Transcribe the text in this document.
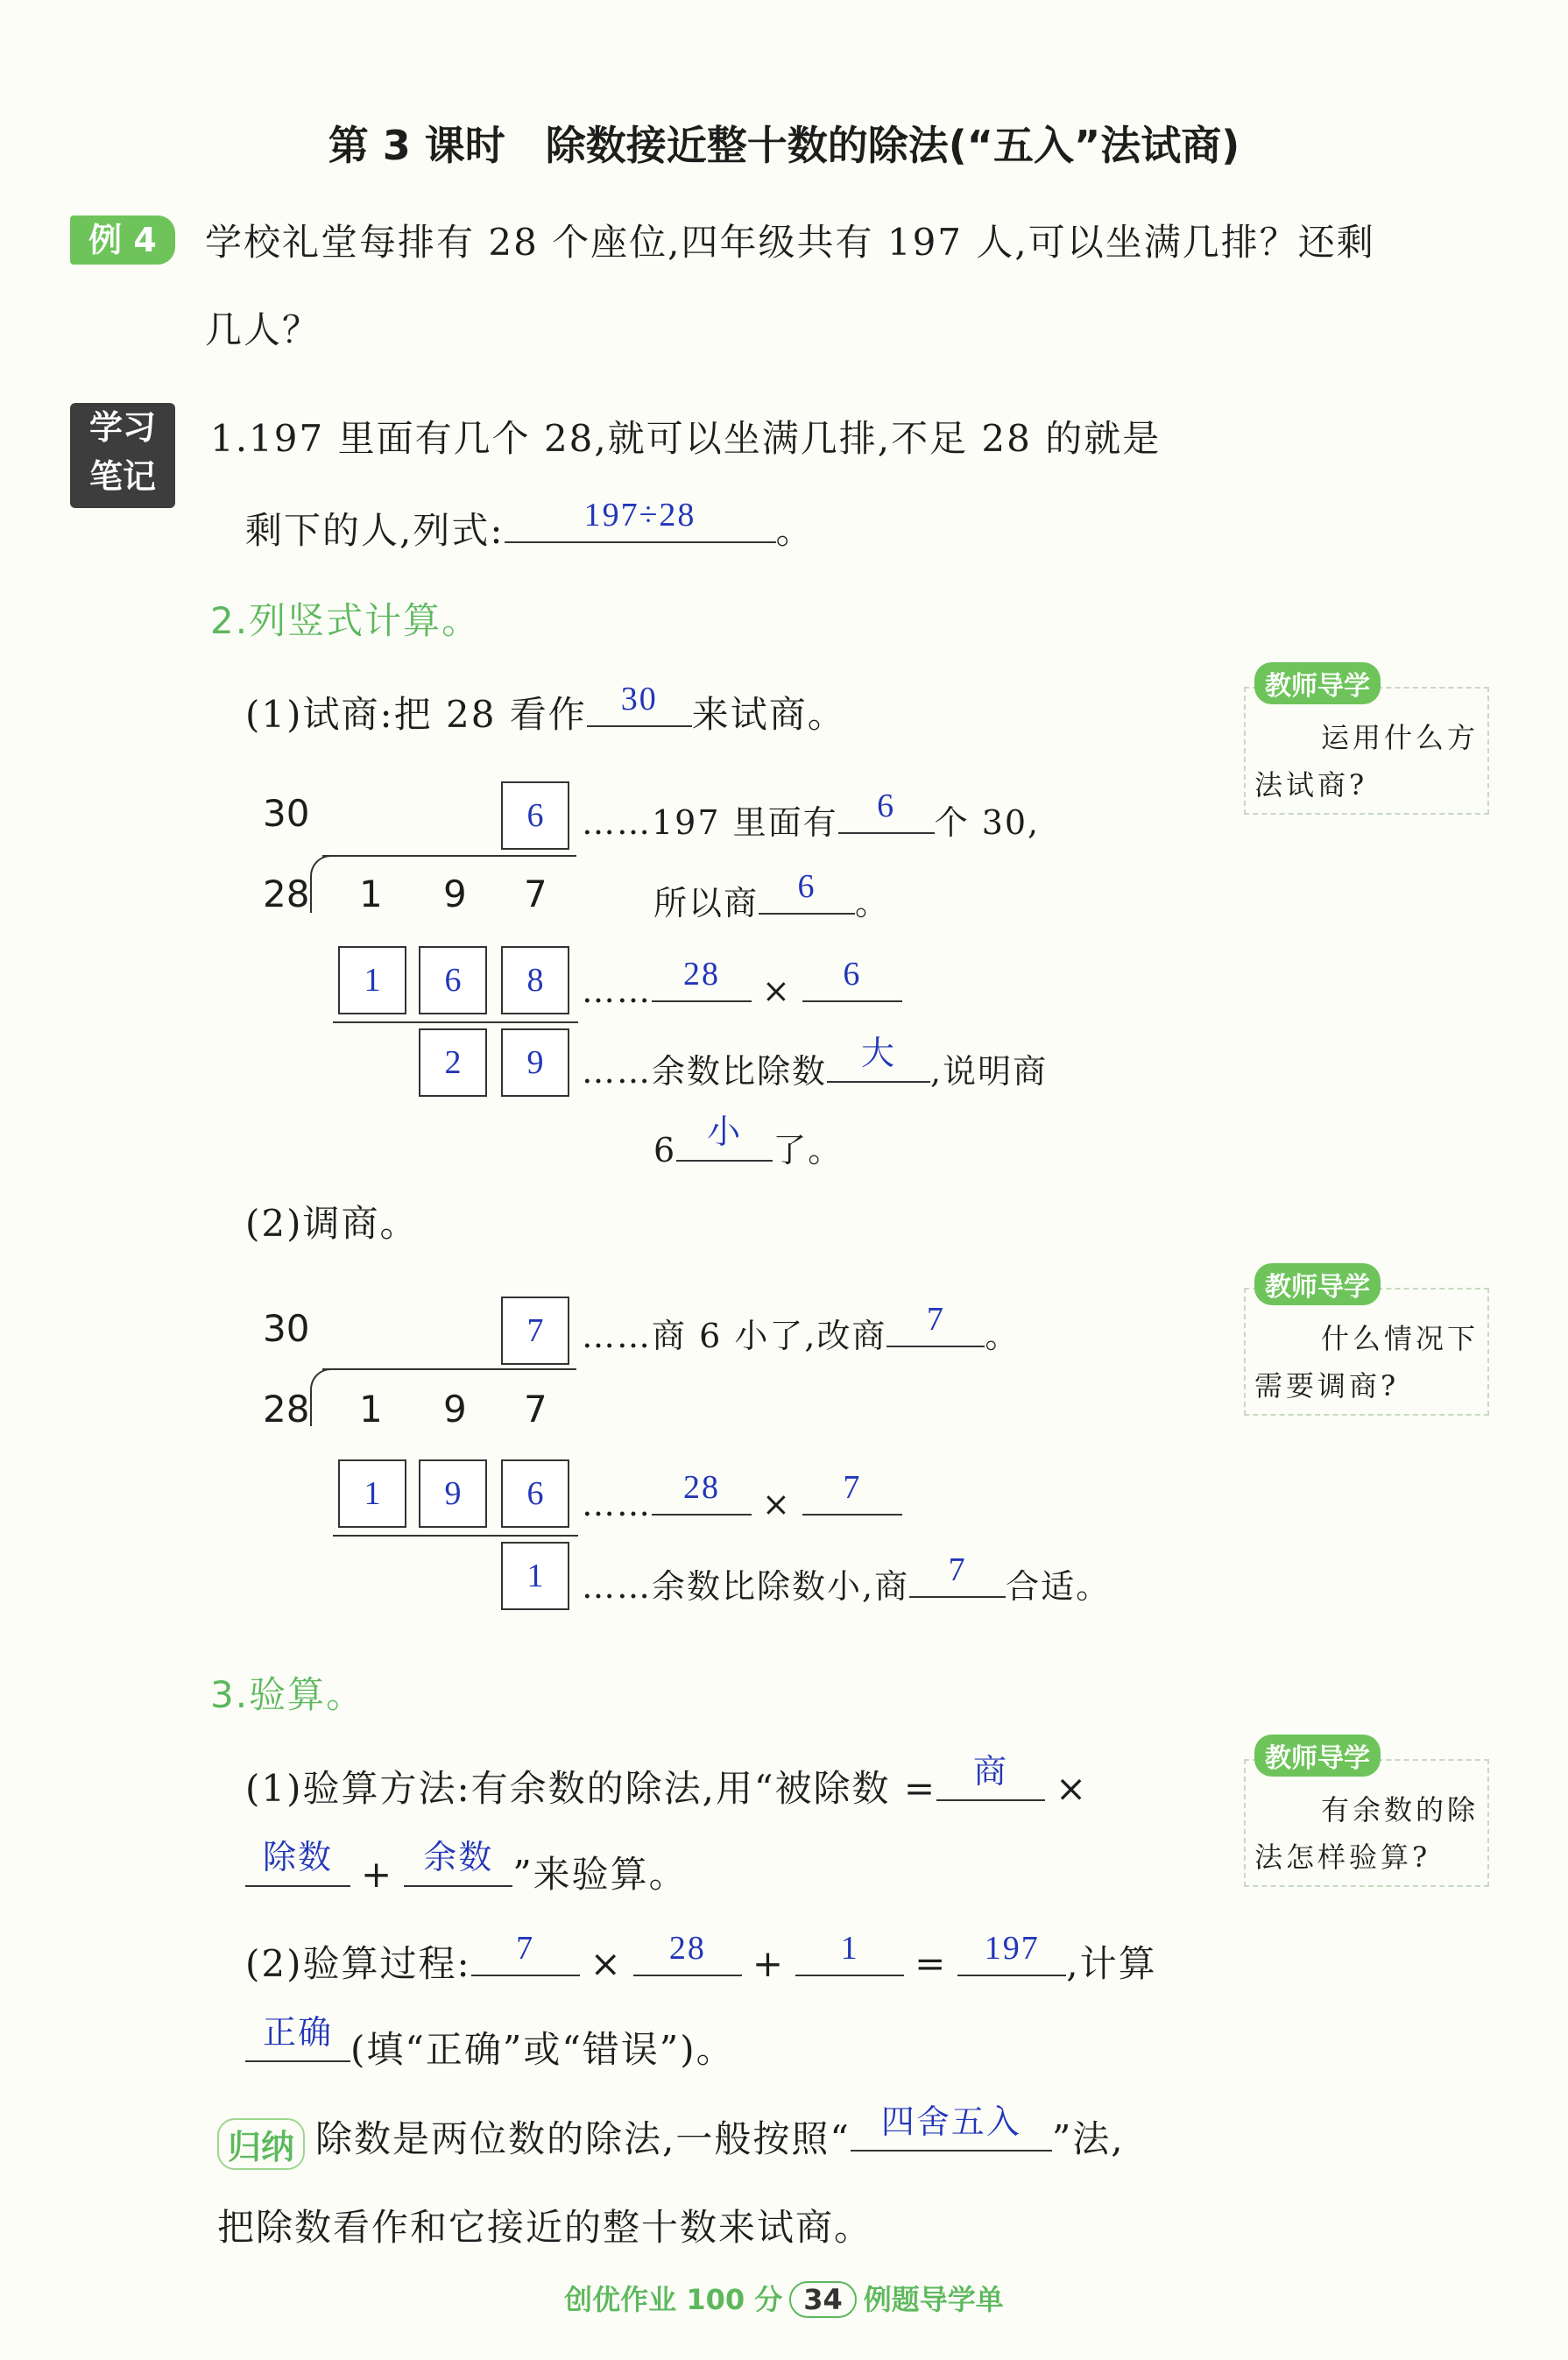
第 3 课时　除数接近整十数的除法(“五入”法试商)
例 4	学校礼堂每排有 28 个座位,四年级共有 197 人,可以坐满几排？还剩
几人？
学习
笔记
1.197 里面有几个 28,就可以坐满几排,不足 28 的就是
剩下的人,列式:	197÷28	。
2.列竖式计算。
(1)试商:把 28 看作	30 来试商。
30	6
28 1 9 7
1	6	8
2	9
……197 里面有	6	个 30,
所以商	6	。
…… 28	×	6
……余数比除数	大	,说明商
6 小 了。
(2)调商。
30	7
28 1 9 7
1	9	6
1
……商 6 小了,改商	7	。
…… 28	×	7
……余数比除数小,商	7	合适。
3.验算。
(1)验算方法:有余数的除法,用“被除数 =	商	×
除数 + 余数 ”来验算。
(2)验算过程:	7	×	28	+	1	=	197 ,计算
正确 (填“正确”或“错误”)。
归纳 除数是两位数的除法,一般按照“ 四舍五入 ”法,
把除数看作和它接近的整十数来试商。
教师导学
运用什么方
法试商?
教师导学
什么情况下
需要调商?
教师导学
有余数的除
法怎样验算?
创优作业 100 分 34 例题导学单
